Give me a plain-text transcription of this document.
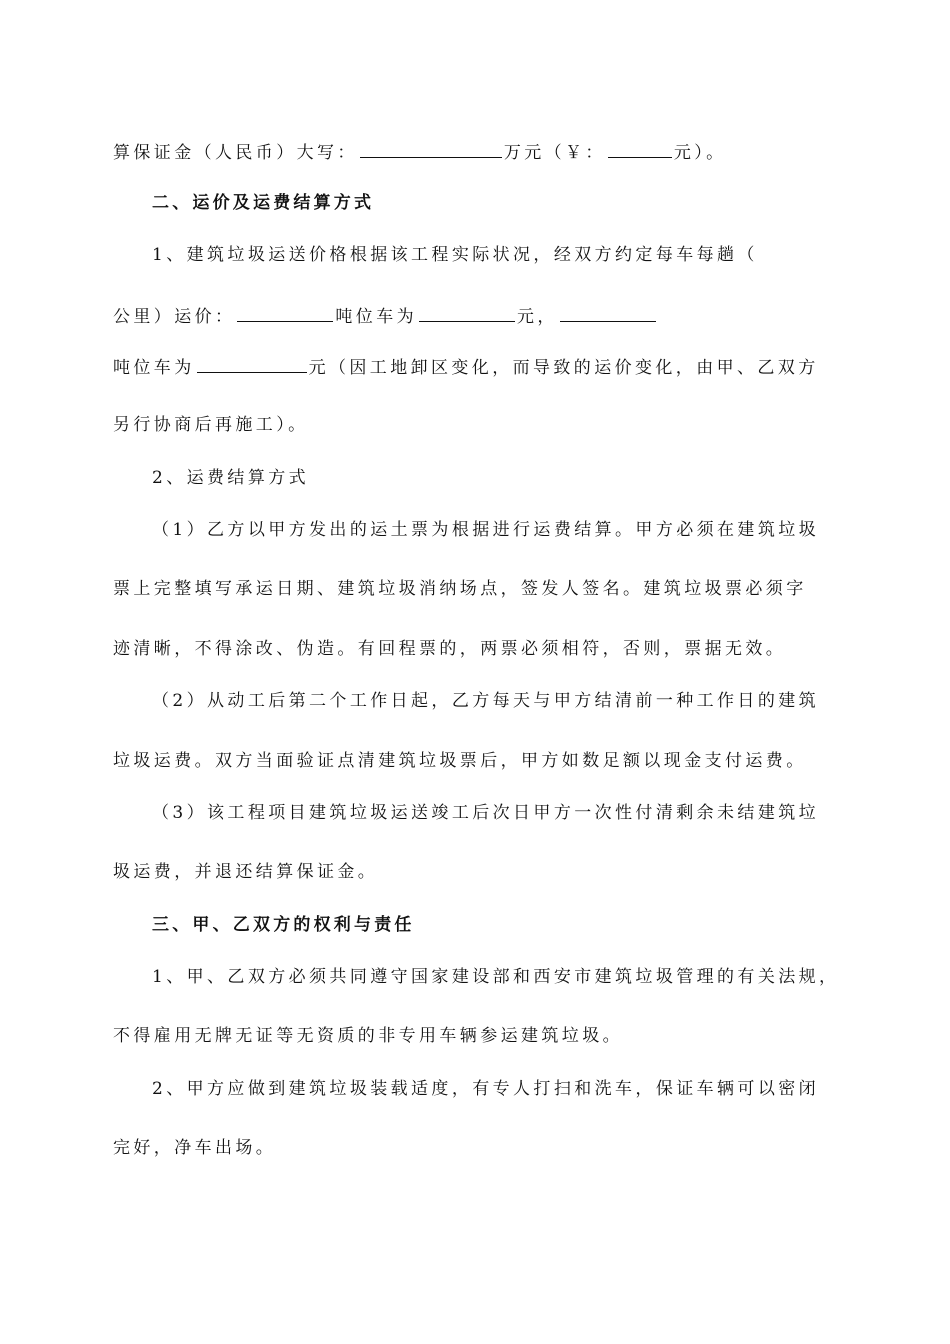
算保证金（人民币）大写：	万元（￥：	元）。
二、运价及运费结算方式
1、建筑垃圾运送价格根据该工程实际状况，经双方约定每车每趟（
公里）运价：	吨位车为	元，
吨位车为	元（因工地卸区变化，而导致的运价变化，由甲、乙双方
另行协商后再施工）。
2、运费结算方式
（1）乙方以甲方发出的运土票为根据进行运费结算。甲方必须在建筑垃圾
票上完整填写承运日期、建筑垃圾消纳场点，签发人签名。建筑垃圾票必须字
迹清晰，不得涂改、伪造。有回程票的，两票必须相符，否则，票据无效。
（2）从动工后第二个工作日起，乙方每天与甲方结清前一种工作日的建筑
垃圾运费。双方当面验证点清建筑垃圾票后，甲方如数足额以现金支付运费。
（3）该工程项目建筑垃圾运送竣工后次日甲方一次性付清剩余未结建筑垃
圾运费，并退还结算保证金。
三、甲、乙双方的权利与责任
1、甲、乙双方必须共同遵守国家建设部和西安市建筑垃圾管理的有关法规，
不得雇用无牌无证等无资质的非专用车辆参运建筑垃圾。
2、甲方应做到建筑垃圾装载适度，有专人打扫和洗车，保证车辆可以密闭
完好，净车出场。
